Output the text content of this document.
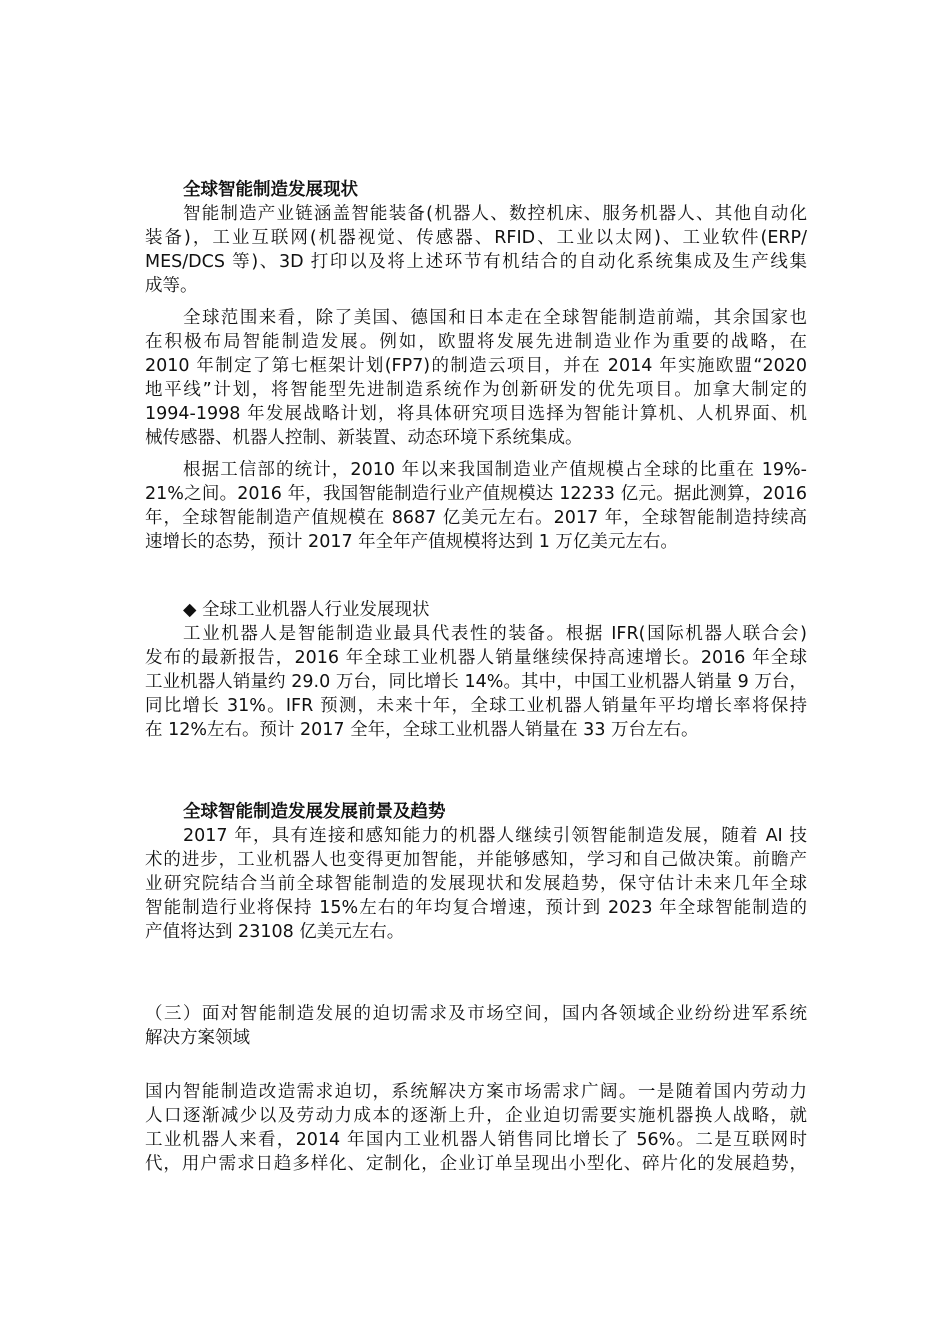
全球智能制造发展现状
智能制造产业链涵盖智能装备(机器人、数控机床、服务机器人、其他自动化
装备)，工业互联网(机器视觉、传感器、RFID、工业以太网)、工业软件(ERP/
MES/DCS 等)、3D 打印以及将上述环节有机结合的自动化系统集成及生产线集
成等。
全球范围来看，除了美国、德国和日本走在全球智能制造前端，其余国家也
在积极布局智能制造发展。例如，欧盟将发展先进制造业作为重要的战略，在
2010 年制定了第七框架计划(FP7)的制造云项目，并在 2014 年实施欧盟“2020
地平线”计划，将智能型先进制造系统作为创新研发的优先项目。加拿大制定的
1994-1998 年发展战略计划，将具体研究项目选择为智能计算机、人机界面、机
械传感器、机器人控制、新装置、动态环境下系统集成。
根据工信部的统计，2010 年以来我国制造业产值规模占全球的比重在 19%-
21%之间。2016 年，我国智能制造行业产值规模达 12233 亿元。据此测算，2016
年，全球智能制造产值规模在 8687 亿美元左右。2017 年，全球智能制造持续高
速增长的态势，预计 2017 年全年产值规模将达到 1 万亿美元左右。
◆ 全球工业机器人行业发展现状
工业机器人是智能制造业最具代表性的装备。根据 IFR(国际机器人联合会)
发布的最新报告，2016 年全球工业机器人销量继续保持高速增长。2016 年全球
工业机器人销量约 29.0 万台，同比增长 14%。其中，中国工业机器人销量 9 万台，
同比增长 31%。IFR 预测，未来十年，全球工业机器人销量年平均增长率将保持
在 12%左右。预计 2017 全年，全球工业机器人销量在 33 万台左右。
全球智能制造发展发展前景及趋势
2017 年，具有连接和感知能力的机器人继续引领智能制造发展，随着 AI 技
术的进步，工业机器人也变得更加智能，并能够感知，学习和自己做决策。前瞻产
业研究院结合当前全球智能制造的发展现状和发展趋势，保守估计未来几年全球
智能制造行业将保持 15%左右的年均复合增速，预计到 2023 年全球智能制造的
产值将达到 23108 亿美元左右。
（三）面对智能制造发展的迫切需求及市场空间，国内各领域企业纷纷进军系统
解决方案领域
国内智能制造改造需求迫切，系统解决方案市场需求广阔。一是随着国内劳动力
人口逐渐减少以及劳动力成本的逐渐上升，企业迫切需要实施机器换人战略，就
工业机器人来看，2014 年国内工业机器人销售同比增长了 56%。二是互联网时
代，用户需求日趋多样化、定制化，企业订单呈现出小型化、碎片化的发展趋势，
